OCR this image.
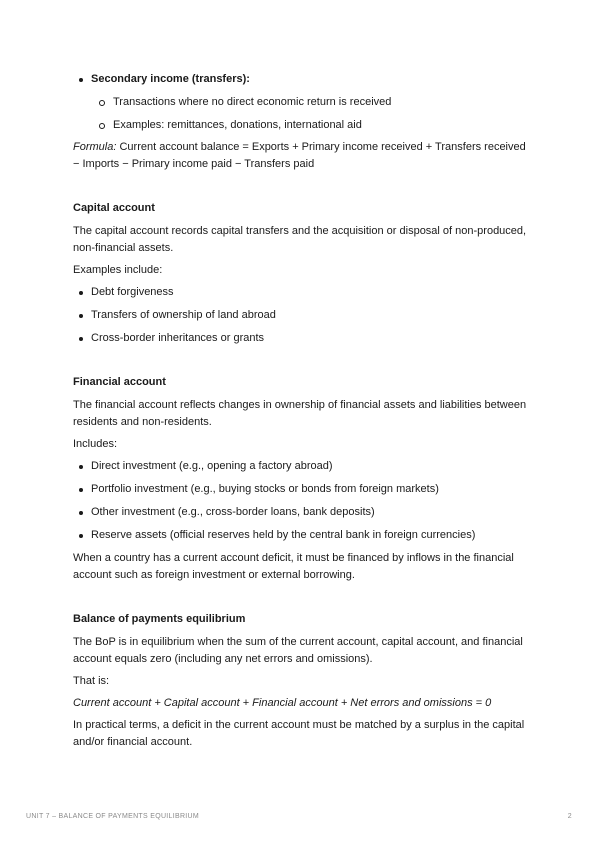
Secondary income (transfers):
Transactions where no direct economic return is received
Examples: remittances, donations, international aid

Formula: Current account balance = Exports + Primary income received + Transfers received − Imports − Primary income paid − Transfers paid

Capital account

The capital account records capital transfers and the acquisition or disposal of non-produced, non-financial assets.

Examples include:

Debt forgiveness
Transfers of ownership of land abroad
Cross-border inheritances or grants
Financial account

The financial account reflects changes in ownership of financial assets and liabilities between residents and non-residents.

Includes:

Direct investment (e.g., opening a factory abroad)
Portfolio investment (e.g., buying stocks or bonds from foreign markets)
Other investment (e.g., cross-border loans, bank deposits)
Reserve assets (official reserves held by the central bank in foreign currencies)

When a country has a current account deficit, it must be financed by inflows in the financial account such as foreign investment or external borrowing.

Balance of payments equilibrium

The BoP is in equilibrium when the sum of the current account, capital account, and financial account equals zero (including any net errors and omissions).

That is:

Current account + Capital account + Financial account + Net errors and omissions = 0

In practical terms, a deficit in the current account must be matched by a surplus in the capital and/or financial account.

UNIT 7 – BALANCE OF PAYMENTS EQUILIBRIUM	2
